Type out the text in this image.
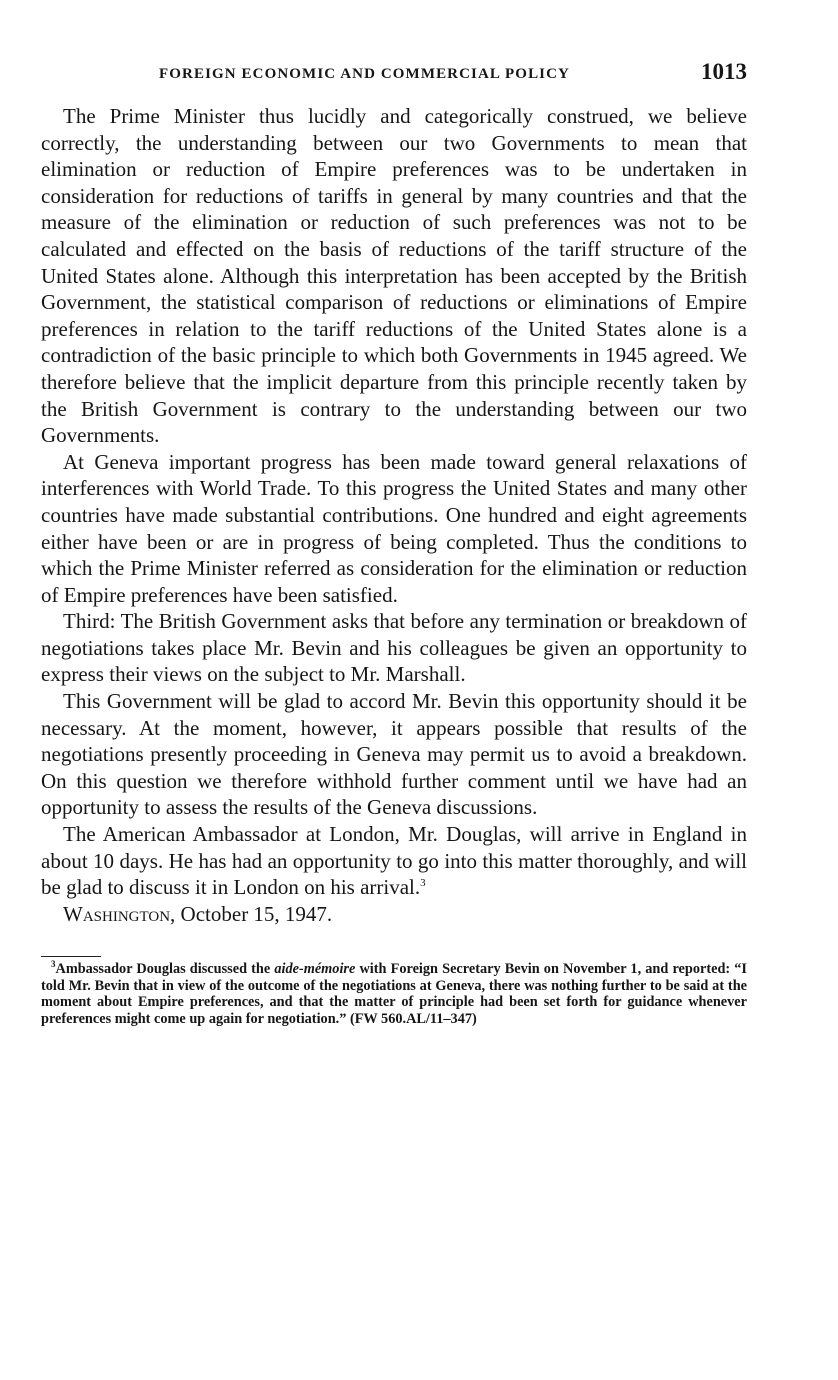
FOREIGN ECONOMIC AND COMMERCIAL POLICY	1013

The Prime Minister thus lucidly and categorically construed, we believe correctly, the understanding between our two Governments to mean that elimination or reduction of Empire preferences was to be undertaken in consideration for reductions of tariffs in general by many countries and that the measure of the elimination or reduction of such preferences was not to be calculated and effected on the basis of reductions of the tariff structure of the United States alone. Although this interpretation has been accepted by the British Government, the statistical comparison of reductions or eliminations of Empire preferences in relation to the tariff reductions of the United States alone is a contradiction of the basic principle to which both Governments in 1945 agreed. We therefore believe that the implicit departure from this principle recently taken by the British Government is contrary to the understanding between our two Governments.

At Geneva important progress has been made toward general relaxations of interferences with World Trade. To this progress the United States and many other countries have made substantial contributions. One hundred and eight agreements either have been or are in progress of being completed. Thus the conditions to which the Prime Minister referred as consideration for the elimination or reduction of Empire preferences have been satisfied.

Third: The British Government asks that before any termination or breakdown of negotiations takes place Mr. Bevin and his colleagues be given an opportunity to express their views on the subject to Mr. Marshall.

This Government will be glad to accord Mr. Bevin this opportunity should it be necessary. At the moment, however, it appears possible that results of the negotiations presently proceeding in Geneva may permit us to avoid a breakdown. On this question we therefore withhold further comment until we have had an opportunity to assess the results of the Geneva discussions.

The American Ambassador at London, Mr. Douglas, will arrive in England in about 10 days. He has had an opportunity to go into this matter thoroughly, and will be glad to discuss it in London on his arrival.$^3$

Washington, October 15, 1947.

$^3$Ambassador Douglas discussed the aide-mémoire with Foreign Secretary Bevin on November 1, and reported: “I told Mr. Bevin that in view of the outcome of the negotiations at Geneva, there was nothing further to be said at the moment about Empire preferences, and that the matter of principle had been set forth for guidance whenever preferences might come up again for negotiation.” (FW 560.AL/11–347)
